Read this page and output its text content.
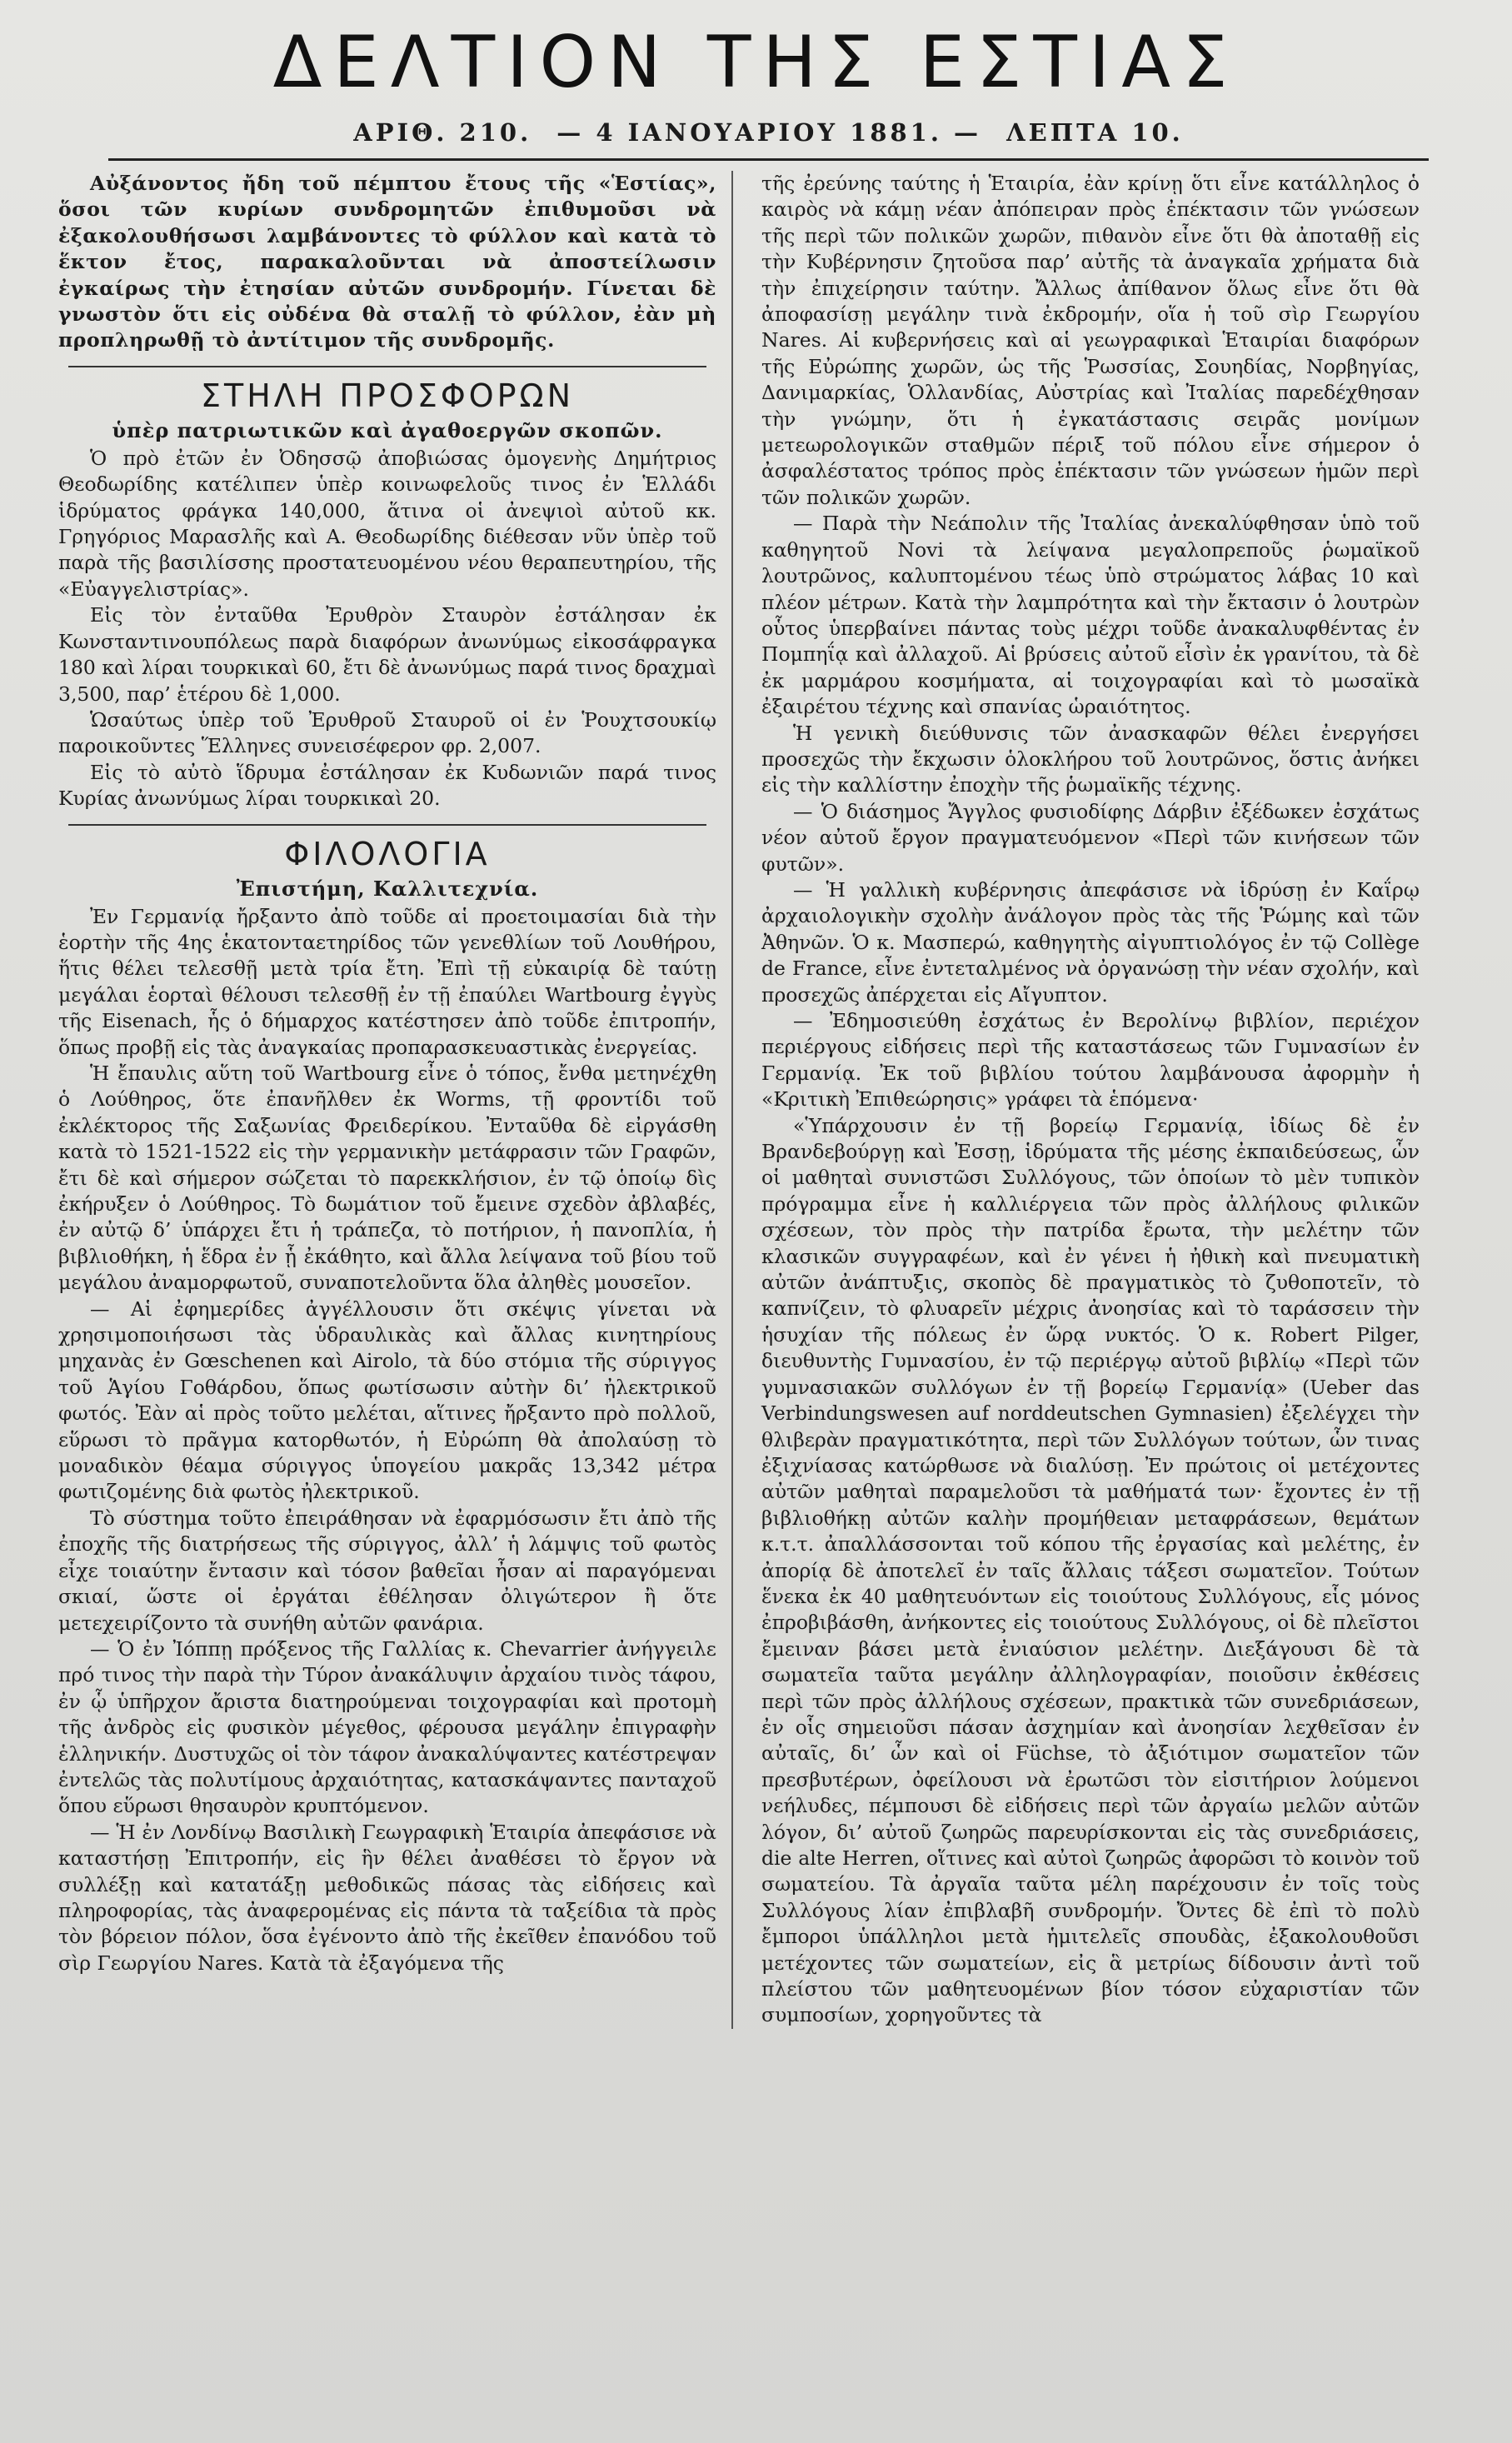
ΔΕΛΤΙΟΝ ΤΗΣ ΕΣΤΙΑΣ
ΑΡΙΘ. 210. — 4 ΙΑΝΟΥΑΡΙΟΥ 1881. — ΛΕΠΤΑ 10.

Αὐξάνοντος ἤδη τοῦ πέμπτου ἔτους τῆς «Ἑστίας», ὅσοι τῶν κυρίων συνδρομητῶν ἐπιθυμοῦσι νὰ ἐξακολουθήσωσι λαμβάνοντες τὸ φύλλον καὶ κατὰ τὸ ἕκτον ἔτος, παρακαλοῦνται νὰ ἀποστείλωσιν ἐγκαίρως τὴν ἐτησίαν αὐτῶν συνδρομήν. Γίνεται δὲ γνωστὸν ὅτι εἰς οὐδένα θὰ σταλῇ τὸ φύλλον, ἐὰν μὴ προπληρωθῇ τὸ ἀντίτιμον τῆς συνδρομῆς.

ΣΤΗΛΗ ΠΡΟΣΦΟΡΩΝ
ὑπὲρ πατριωτικῶν καὶ ἀγαθοεργῶν σκοπῶν.

Ὁ πρὸ ἐτῶν ἐν Ὀδησσῷ ἀποβιώσας ὁμογενὴς Δημήτριος Θεοδωρίδης κατέλιπεν ὑπὲρ κοινωφελοῦς τινος ἐν Ἑλλάδι ἱδρύματος φράγκα 140,000, ἅτινα οἱ ἀνεψιοὶ αὐτοῦ κκ. Γρηγόριος Μαρασλῆς καὶ Α. Θεοδωρίδης διέθεσαν νῦν ὑπὲρ τοῦ παρὰ τῆς βασιλίσσης προστατευομένου νέου θεραπευτηρίου, τῆς «Εὐαγγελιστρίας».

Εἰς τὸν ἐνταῦθα Ἐρυθρὸν Σταυρὸν ἐστάλησαν ἐκ Κωνσταντινουπόλεως παρὰ διαφόρων ἀνωνύμως εἰκοσάφραγκα 180 καὶ λίραι τουρκικαὶ 60, ἔτι δὲ ἀνωνύμως παρά τινος δραχμαὶ 3,500, παρ’ ἑτέρου δὲ 1,000.

Ὡσαύτως ὑπὲρ τοῦ Ἐρυθροῦ Σταυροῦ οἱ ἐν Ῥουχτσουκίῳ παροικοῦντες Ἕλληνες συνεισέφερον φρ. 2,007.

Εἰς τὸ αὐτὸ ἵδρυμα ἐστάλησαν ἐκ Κυδωνιῶν παρά τινος Κυρίας ἀνωνύμως λίραι τουρκικαὶ 20.

ΦΙΛΟΛΟΓΙΑ
Ἐπιστήμη, Καλλιτεχνία.

Ἐν Γερμανίᾳ ἤρξαντο ἀπὸ τοῦδε αἱ προετοιμασίαι διὰ τὴν ἑορτὴν τῆς 4ης ἑκατονταετηρίδος τῶν γενεθλίων τοῦ Λουθήρου, ἥτις θέλει τελεσθῇ μετὰ τρία ἔτη. Ἐπὶ τῇ εὐκαιρίᾳ δὲ ταύτῃ μεγάλαι ἑορταὶ θέλουσι τελεσθῇ ἐν τῇ ἐπαύλει Wartbourg ἐγγὺς τῆς Eisenach, ἧς ὁ δήμαρχος κατέστησεν ἀπὸ τοῦδε ἐπιτροπήν, ὅπως προβῇ εἰς τὰς ἀναγκαίας προπαρασκευαστικὰς ἐνεργείας.

Ἡ ἔπαυλις αὕτη τοῦ Wartbourg εἶνε ὁ τόπος, ἔνθα μετηνέχθη ὁ Λούθηρος, ὅτε ἐπανῆλθεν ἐκ Worms, τῇ φροντίδι τοῦ ἐκλέκτορος τῆς Σαξωνίας Φρειδερίκου. Ἐνταῦθα δὲ εἰργάσθη κατὰ τὸ 1521-1522 εἰς τὴν γερμανικὴν μετάφρασιν τῶν Γραφῶν, ἔτι δὲ καὶ σήμερον σώζεται τὸ παρεκκλήσιον, ἐν τῷ ὁποίῳ δὶς ἐκήρυξεν ὁ Λούθηρος. Τὸ δωμάτιον τοῦ ἔμεινε σχεδὸν ἀβλαβές, ἐν αὐτῷ δ’ ὑπάρχει ἔτι ἡ τράπεζα, τὸ ποτήριον, ἡ πανοπλία, ἡ βιβλιοθήκη, ἡ ἕδρα ἐν ᾗ ἐκάθητο, καὶ ἄλλα λείψανα τοῦ βίου τοῦ μεγάλου ἀναμορφωτοῦ, συναποτελοῦντα ὅλα ἀληθὲς μουσεῖον.

— Αἱ ἐφημερίδες ἀγγέλλουσιν ὅτι σκέψις γίνεται νὰ χρησιμοποιήσωσι τὰς ὑδραυλικὰς καὶ ἄλλας κινητηρίους μηχανὰς ἐν Gœschenen καὶ Airolo, τὰ δύο στόμια τῆς σύριγγος τοῦ Ἁγίου Γοθάρδου, ὅπως φωτίσωσιν αὐτὴν δι’ ἠλεκτρικοῦ φωτός. Ἐὰν αἱ πρὸς τοῦτο μελέται, αἵτινες ἤρξαντο πρὸ πολλοῦ, εὕρωσι τὸ πρᾶγμα κατορθωτόν, ἡ Εὐρώπη θὰ ἀπολαύσῃ τὸ μοναδικὸν θέαμα σύριγγος ὑπογείου μακρᾶς 13,342 μέτρα φωτιζομένης διὰ φωτὸς ἠλεκτρικοῦ.

Τὸ σύστημα τοῦτο ἐπειράθησαν νὰ ἐφαρμόσωσιν ἔτι ἀπὸ τῆς ἐποχῆς τῆς διατρήσεως τῆς σύριγγος, ἀλλ’ ἡ λάμψις τοῦ φωτὸς εἶχε τοιαύτην ἔντασιν καὶ τόσον βαθεῖαι ἦσαν αἱ παραγόμεναι σκιαί, ὥστε οἱ ἐργάται ἐθέλησαν ὀλιγώτερον ἢ ὅτε μετεχειρίζοντο τὰ συνήθη αὐτῶν φανάρια.

— Ὁ ἐν Ἰόππῃ πρόξενος τῆς Γαλλίας κ. Chevarrier ἀνήγγειλε πρό τινος τὴν παρὰ τὴν Τύρον ἀνακάλυψιν ἀρχαίου τινὸς τάφου, ἐν ᾧ ὑπῆρχον ἄριστα διατηρούμεναι τοιχογραφίαι καὶ προτομὴ τῆς ἀνδρὸς εἰς φυσικὸν μέγεθος, φέρουσα μεγάλην ἐπιγραφὴν ἑλληνικήν. Δυστυχῶς οἱ τὸν τάφον ἀνακαλύψαντες κατέστρεψαν ἐντελῶς τὰς πολυτίμους ἀρχαιότητας, κατασκάψαντες πανταχοῦ ὅπου εὕρωσι θησαυρὸν κρυπτόμενον.

— Ἡ ἐν Λονδίνῳ Βασιλικὴ Γεωγραφικὴ Ἑταιρία ἀπεφάσισε νὰ καταστήσῃ Ἐπιτροπήν, εἰς ἣν θέλει ἀναθέσει τὸ ἔργον νὰ συλλέξῃ καὶ κατατάξῃ μεθοδικῶς πάσας τὰς εἰδήσεις καὶ πληροφορίας, τὰς ἀναφερομένας εἰς πάντα τὰ ταξείδια τὰ πρὸς τὸν βόρειον πόλον, ὅσα ἐγένοντο ἀπὸ τῆς ἐκεῖθεν ἐπανόδου τοῦ σὶρ Γεωργίου Nares. Κατὰ τὰ ἐξαγόμενα τῆς

τῆς ἐρεύνης ταύτης ἡ Ἑταιρία, ἐὰν κρίνῃ ὅτι εἶνε κατάλληλος ὁ καιρὸς νὰ κάμῃ νέαν ἀπόπειραν πρὸς ἐπέκτασιν τῶν γνώσεων τῆς περὶ τῶν πολικῶν χωρῶν, πιθανὸν εἶνε ὅτι θὰ ἀποταθῇ εἰς τὴν Κυβέρνησιν ζητοῦσα παρ’ αὐτῆς τὰ ἀναγκαῖα χρήματα διὰ τὴν ἐπιχείρησιν ταύτην. Ἄλλως ἀπίθανον ὅλως εἶνε ὅτι θὰ ἀποφασίσῃ μεγάλην τινὰ ἐκδρομήν, οἵα ἡ τοῦ σὶρ Γεωργίου Nares. Αἱ κυβερνήσεις καὶ αἱ γεωγραφικαὶ Ἑταιρίαι διαφόρων τῆς Εὐρώπης χωρῶν, ὡς τῆς Ῥωσσίας, Σουηδίας, Νορβηγίας, Δανιμαρκίας, Ὁλλανδίας, Αὐστρίας καὶ Ἰταλίας παρεδέχθησαν τὴν γνώμην, ὅτι ἡ ἐγκατάστασις σειρᾶς μονίμων μετεωρολογικῶν σταθμῶν πέριξ τοῦ πόλου εἶνε σήμερον ὁ ἀσφαλέστατος τρόπος πρὸς ἐπέκτασιν τῶν γνώσεων ἡμῶν περὶ τῶν πολικῶν χωρῶν.

— Παρὰ τὴν Νεάπολιν τῆς Ἰταλίας ἀνεκαλύφθησαν ὑπὸ τοῦ καθηγητοῦ Novi τὰ λείψανα μεγαλοπρεποῦς ῥωμαϊκοῦ λουτρῶνος, καλυπτομένου τέως ὑπὸ στρώματος λάβας 10 καὶ πλέον μέτρων. Κατὰ τὴν λαμπρότητα καὶ τὴν ἔκτασιν ὁ λουτρὼν οὗτος ὑπερβαίνει πάντας τοὺς μέχρι τοῦδε ἀνακαλυφθέντας ἐν Πομπηΐᾳ καὶ ἀλλαχοῦ. Αἱ βρύσεις αὐτοῦ εἶσὶν ἐκ γρανίτου, τὰ δὲ ἐκ μαρμάρου κοσμήματα, αἱ τοιχογραφίαι καὶ τὸ μωσαϊκὰ ἐξαιρέτου τέχνης καὶ σπανίας ὡραιότητος.

Ἡ γενικὴ διεύθυνσις τῶν ἀνασκαφῶν θέλει ἐνεργήσει προσεχῶς τὴν ἔκχωσιν ὁλοκλήρου τοῦ λουτρῶνος, ὅστις ἀνήκει εἰς τὴν καλλίστην ἐποχὴν τῆς ῥωμαϊκῆς τέχνης.

— Ὁ διάσημος Ἄγγλος φυσιοδίφης Δάρβιν ἐξέδωκεν ἐσχάτως νέον αὐτοῦ ἔργον πραγματευόμενον «Περὶ τῶν κινήσεων τῶν φυτῶν».

— Ἡ γαλλικὴ κυβέρνησις ἀπεφάσισε νὰ ἱδρύσῃ ἐν Καΐρῳ ἀρχαιολογικὴν σχολὴν ἀνάλογον πρὸς τὰς τῆς Ῥώμης καὶ τῶν Ἀθηνῶν. Ὁ κ. Μασπερώ, καθηγητὴς αἰγυπτιολόγος ἐν τῷ Collège de France, εἶνε ἐντεταλμένος νὰ ὀργανώσῃ τὴν νέαν σχολήν, καὶ προσεχῶς ἀπέρχεται εἰς Αἴγυπτον.

— Ἐδημοσιεύθη ἐσχάτως ἐν Βερολίνῳ βιβλίον, περιέχον περιέργους εἰδήσεις περὶ τῆς καταστάσεως τῶν Γυμνασίων ἐν Γερμανίᾳ. Ἐκ τοῦ βιβλίου τούτου λαμβάνουσα ἀφορμὴν ἡ «Κριτικὴ Ἐπιθεώρησις» γράφει τὰ ἑπόμενα·

«Ὑπάρχουσιν ἐν τῇ βορείῳ Γερμανίᾳ, ἰδίως δὲ ἐν Βρανδεβούργῃ καὶ Ἐσσῃ, ἱδρύματα τῆς μέσης ἐκπαιδεύσεως, ὧν οἱ μαθηταὶ συνιστῶσι Συλλόγους, τῶν ὁποίων τὸ μὲν τυπικὸν πρόγραμμα εἶνε ἡ καλλιέργεια τῶν πρὸς ἀλλήλους φιλικῶν σχέσεων, τὸν πρὸς τὴν πατρίδα ἔρωτα, τὴν μελέτην τῶν κλασικῶν συγγραφέων, καὶ ἐν γένει ἡ ἠθικὴ καὶ πνευματικὴ αὐτῶν ἀνάπτυξις, σκοπὸς δὲ πραγματικὸς τὸ ζυθοποτεῖν, τὸ καπνίζειν, τὸ φλυαρεῖν μέχρις ἀνοησίας καὶ τὸ ταράσσειν τὴν ἡσυχίαν τῆς πόλεως ἐν ὥρᾳ νυκτός. Ὁ κ. Robert Pilger, διευθυντὴς Γυμνασίου, ἐν τῷ περιέργῳ αὐτοῦ βιβλίῳ «Περὶ τῶν γυμνασιακῶν συλλόγων ἐν τῇ βορείῳ Γερμανίᾳ» (Ueber das Verbindungswesen auf norddeutschen Gymnasien) ἐξελέγχει τὴν θλιβερὰν πραγματικότητα, περὶ τῶν Συλλόγων τούτων, ὧν τινας ἐξιχνίασας κατώρθωσε νὰ διαλύσῃ. Ἐν πρώτοις οἱ μετέχοντες αὐτῶν μαθηταὶ παραμελοῦσι τὰ μαθήματά των· ἔχοντες ἐν τῇ βιβλιοθήκῃ αὐτῶν καλὴν προμήθειαν μεταφράσεων, θεμάτων κ.τ.τ. ἀπαλλάσσονται τοῦ κόπου τῆς ἐργασίας καὶ μελέτης, ἐν ἀπορίᾳ δὲ ἀποτελεῖ ἐν ταῖς ἄλλαις τάξεσι σωματεῖον. Τούτων ἕνεκα ἐκ 40 μαθητευόντων εἰς τοιούτους Συλλόγους, εἷς μόνος ἐπροβιβάσθη, ἀνήκοντες εἰς τοιούτους Συλλόγους, οἱ δὲ πλεῖστοι ἔμειναν βάσει μετὰ ἐνιαύσιον μελέτην. Διεξάγουσι δὲ τὰ σωματεῖα ταῦτα μεγάλην ἀλληλογραφίαν, ποιοῦσιν ἐκθέσεις περὶ τῶν πρὸς ἀλλήλους σχέσεων, πρακτικὰ τῶν συνεδριάσεων, ἐν οἷς σημειοῦσι πάσαν ἀσχημίαν καὶ ἀνοησίαν λεχθεῖσαν ἐν αὐταῖς, δι’ ὧν καὶ οἱ Füchse, τὸ ἀξιότιμον σωματεῖον τῶν πρεσβυτέρων, ὀφείλουσι νὰ ἐρωτῶσι τὸν εἰσιτήριον λούμενοι νεήλυδες, πέμπουσι δὲ εἰδήσεις περὶ τῶν ἀργαίω μελῶν αὐτῶν λόγον, δι’ αὐτοῦ ζωηρῶς παρευρίσκονται εἰς τὰς συνεδριάσεις, die alte Herren, οἵτινες καὶ αὐτοὶ ζωηρῶς ἀφορῶσι τὸ κοινὸν τοῦ σωματείου. Τὰ ἀργαῖα ταῦτα μέλη παρέχουσιν ἐν τοῖς τοὺς Συλλόγους λίαν ἐπιβλαβῆ συνδρομήν. Ὄντες δὲ ἐπὶ τὸ πολὺ ἔμποροι ὑπάλληλοι μετὰ ἡμιτελεῖς σπουδὰς, ἐξακολουθοῦσι μετέχοντες τῶν σωματείων, εἰς ἃ μετρίως δίδουσιν ἀντὶ τοῦ πλείστου τῶν μαθητευομένων βίον τόσον εὐχαριστίαν τῶν συμποσίων, χορηγοῦντες τὰ
